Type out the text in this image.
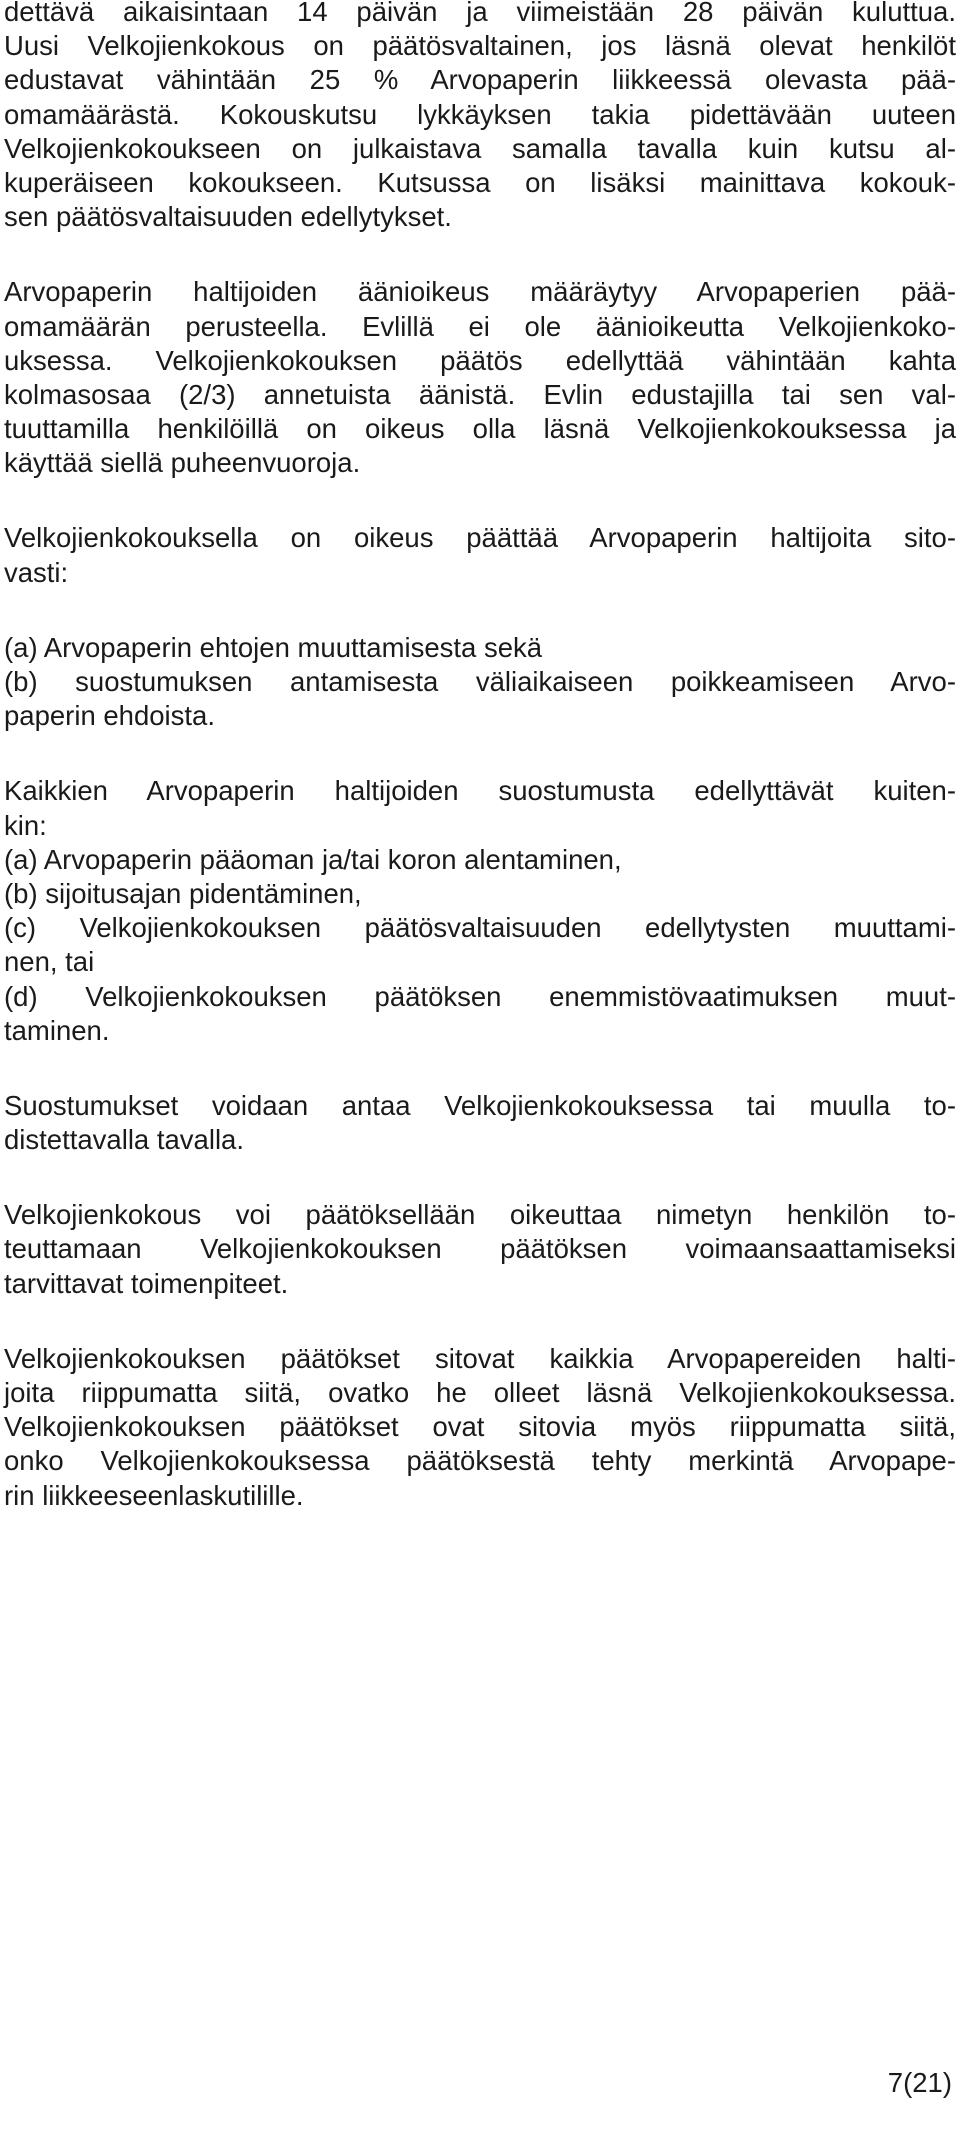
dettävä aikaisintaan 14 päivän ja viimeistään 28 päivän kuluttua.
Uusi Velkojienkokous on päätösvaltainen, jos läsnä olevat henkilöt
edustavat vähintään 25 % Arvopaperin liikkeessä olevasta pää-
omamäärästä. Kokouskutsu lykkäyksen takia pidettävään uuteen
Velkojienkokoukseen on julkaistava samalla tavalla kuin kutsu al-
kuperäiseen kokoukseen. Kutsussa on lisäksi mainittava kokouk-
sen päätösvaltaisuuden edellytykset.
Arvopaperin haltijoiden äänioikeus määräytyy Arvopaperien pää-
omamäärän perusteella. Evlillä ei ole äänioikeutta Velkojienkoko-
uksessa. Velkojienkokouksen päätös edellyttää vähintään kahta
kolmasosaa (2/3) annetuista äänistä. Evlin edustajilla tai sen val-
tuuttamilla henkilöillä on oikeus olla läsnä Velkojienkokouksessa ja
käyttää siellä puheenvuoroja.
Velkojienkokouksella on oikeus päättää Arvopaperin haltijoita sito-
vasti:
(a) Arvopaperin ehtojen muuttamisesta sekä
(b) suostumuksen antamisesta väliaikaiseen poikkeamiseen Arvo-
paperin ehdoista.
Kaikkien Arvopaperin haltijoiden suostumusta edellyttävät kuiten-
kin:
(a) Arvopaperin pääoman ja/tai koron alentaminen,
(b) sijoitusajan pidentäminen,
(c) Velkojienkokouksen päätösvaltaisuuden edellytysten muuttami-
nen, tai
(d) Velkojienkokouksen päätöksen enemmistövaatimuksen muut-
taminen.
Suostumukset voidaan antaa Velkojienkokouksessa tai muulla to-
distettavalla tavalla.
Velkojienkokous voi päätöksellään oikeuttaa nimetyn henkilön to-
teuttamaan Velkojienkokouksen päätöksen voimaansaattamiseksi
tarvittavat toimenpiteet.
Velkojienkokouksen päätökset sitovat kaikkia Arvopapereiden halti-
joita riippumatta siitä, ovatko he olleet läsnä Velkojienkokouksessa.
Velkojienkokouksen päätökset ovat sitovia myös riippumatta siitä,
onko Velkojienkokouksessa päätöksestä tehty merkintä Arvopape-
rin liikkeeseenlaskutilille.
7(21)
